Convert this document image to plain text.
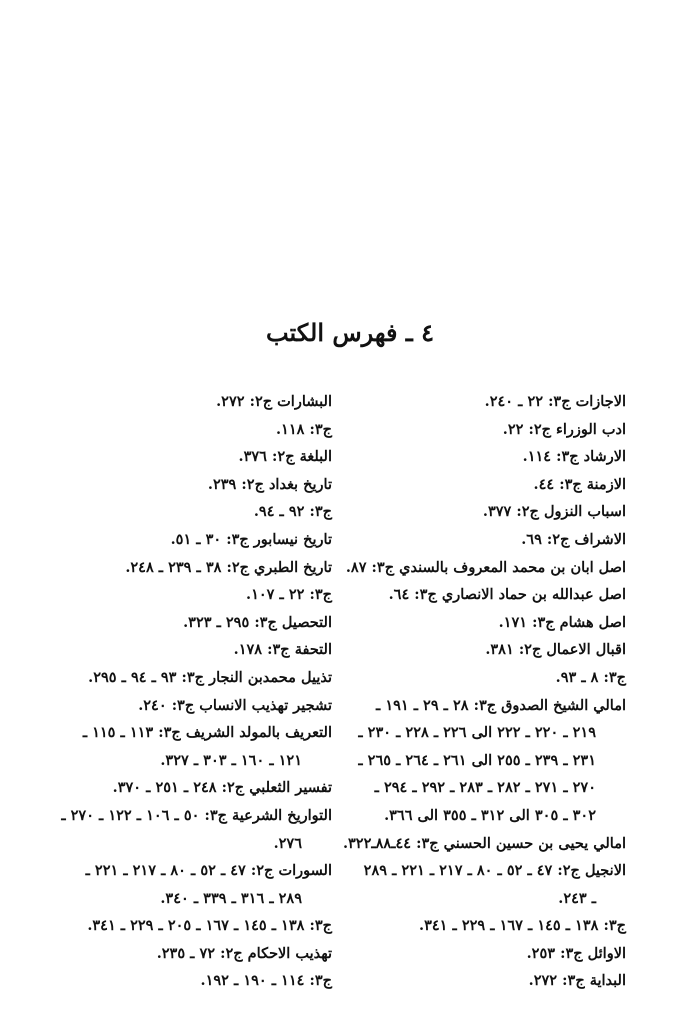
٤ ـ فهرس الكتب
الاجازات ج٣: ٢٢ ـ ٢٤٠.
ادب الوزراء ج٢: ٢٢.
الارشاد ج٣: ١١٤.
الازمنة ج٣: ٤٤.
اسباب النزول ج٢: ٣٧٧.
الاشراف ج٢: ٦٩.
اصل ابان بن محمد المعروف بالسندي ج٣: ٨٧.
اصل عبدالله بن حماد الانصاري ج٣: ٦٤.
اصل هشام ج٣: ١٧١.
اقبال الاعمال ج٢: ٣٨١.
ج٣: ٨ ـ ٩٣.
امالي الشيخ الصدوق ج٣: ٢٨ ـ ٢٩ ـ ١٩١ ـ
٢١٩ ـ ٢٢٠ ـ ٢٢٢ الى ٢٢٦ ـ ٢٢٨ ـ ٢٣٠ ـ
٢٣١ ـ ٢٣٩ ـ ٢٥٥ الى ٢٦١ ـ ٢٦٤ ـ ٢٦٥ ـ
٢٧٠ ـ ٢٧١ ـ ٢٨٢ ـ ٢٨٣ ـ ٢٩٢ ـ ٢٩٤ ـ
٣٠٢ ـ ٣٠٥ الى ٣١٢ ـ ٣٥٥ الى ٣٦٦.
امالي يحيى بن حسين الحسني ج٣: ٤٤ـ٨٨ـ٣٢٢.
الانجيل ج٢: ٤٧ ـ ٥٢ ـ ٨٠ ـ ٢١٧ ـ ٢٢١ ـ ٢٨٩
ـ ٢٤٣.
ج٣: ١٣٨ ـ ١٤٥ ـ ١٦٧ ـ ٢٢٩ ـ ٣٤١.
الاوائل ج٣: ٢٥٣.
البداية ج٣: ٢٧٢.
البشارات ج٢: ٢٧٢.
ج٣: ١١٨.
البلغة ج٢: ٣٧٦.
تاريخ بغداد ج٢: ٢٣٩.
ج٣: ٩٢ ـ ٩٤.
تاريخ نيسابور ج٣: ٣٠ ـ ٥١.
تاريخ الطبري ج٢: ٣٨ ـ ٢٣٩ ـ ٢٤٨.
ج٣: ٢٢ ـ ١٠٧.
التحصيل ج٣: ٢٩٥ ـ ٣٢٣.
التحفة ج٣: ١٧٨.
تذييل محمدبن النجار ج٣: ٩٣ ـ ٩٤ ـ ٢٩٥.
تشجير تهذيب الانساب ج٣: ٢٤٠.
التعريف بالمولد الشريف ج٣: ١١٣ ـ ١١٥ ـ
١٢١ ـ ١٦٠ ـ ٣٠٣ ـ ٣٢٧.
تفسير الثعلبي ج٢: ٢٤٨ ـ ٢٥١ ـ ٣٧٠.
التواريخ الشرعية ج٣: ٥٠ ـ ١٠٦ ـ ١٢٢ ـ ٢٧٠ ـ
٢٧٦.
السورات ج٢: ٤٧ ـ ٥٢ ـ ٨٠ ـ ٢١٧ ـ ٢٢١ ـ
٢٨٩ ـ ٣١٦ ـ ٣٣٩ ـ ٣٤٠.
ج٣: ١٣٨ ـ ١٤٥ ـ ١٦٧ ـ ٢٠٥ ـ ٢٢٩ ـ ٣٤١.
تهذيب الاحكام ج٢: ٧٢ ـ ٢٣٥.
ج٣: ١١٤ ـ ١٩٠ ـ ١٩٢.
